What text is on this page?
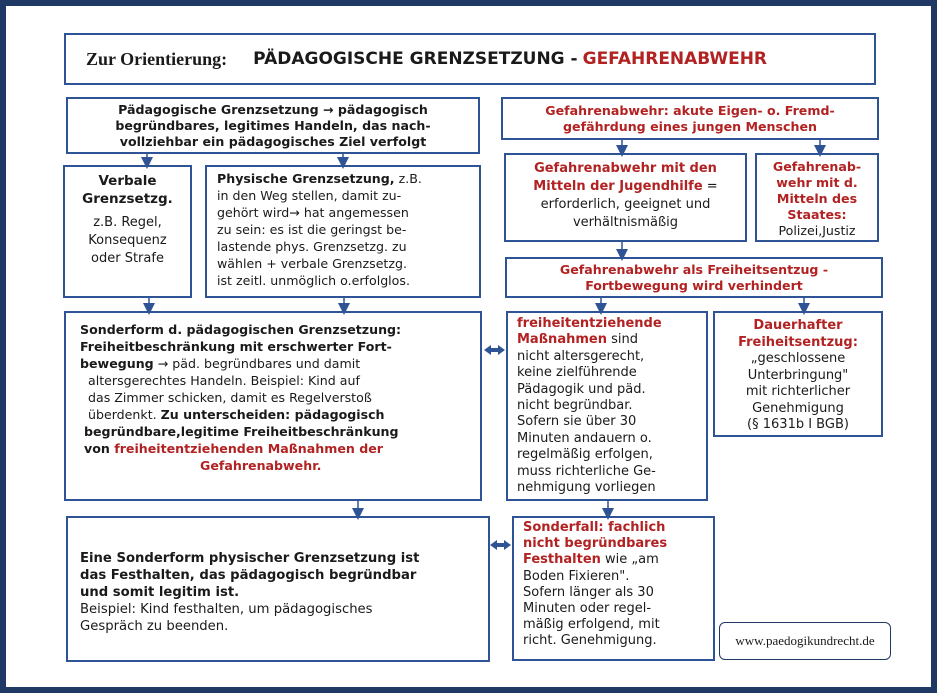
Zur Orientierung: PÄDAGOGISCHE GRENZSETZUNG - GEFAHRENABWEHR

Pädagogische Grenzsetzung → pädagogisch

begründbares, legitimes Handeln, das nach-

vollziehbar ein pädagogisches Ziel verfolgt

Verbale

Grenzsetzg.

z.B. Regel,

Konsequenz

oder Strafe

Physische Grenzsetzung, z.B.

in den Weg stellen, damit zu-

gehört wird→ hat angemessen

zu sein: es ist die geringst be-

lastende phys. Grenzsetzg. zu

wählen + verbale Grenzsetzg.

ist zeitl. unmöglich o.erfolglos.

Sonderform d. pädagogischen Grenzsetzung:

Freiheitbeschränkung mit erschwerter Fort-

bewegung → päd. begründbares und damit

altersgerechtes Handeln. Beispiel: Kind auf

das Zimmer schicken, damit es Regelverstoß

überdenkt. Zu unterscheiden: pädagogisch

begründbare,legitime Freiheitbeschränkung

von freiheitentziehenden Maßnahmen der

Gefahrenabwehr.

Eine Sonderform physischer Grenzsetzung ist

das Festhalten, das pädagogisch begründbar

und somit legitim ist.

Beispiel: Kind festhalten, um pädagogisches

Gespräch zu beenden.

Gefahrenabwehr: akute Eigen- o. Fremd-

gefährdung eines jungen Menschen

Gefahrenabwehr mit den

Mitteln der Jugendhilfe =

erforderlich, geeignet und

verhältnismäßig

Gefahrenab-

wehr mit d.

Mitteln des

Staates:

Polizei,Justiz

Gefahrenabwehr als Freiheitsentzug -

Fortbewegung wird verhindert

freiheitentziehende

Maßnahmen sind

nicht altersgerecht,

keine zielführende

Pädagogik und päd.

nicht begründbar.

Sofern sie über 30

Minuten andauern o.

regelmäßig erfolgen,

muss richterliche Ge-

nehmigung vorliegen

Dauerhafter

Freiheitsentzug:

„geschlossene

Unterbringung"

mit richterlicher

Genehmigung

(§ 1631b I BGB)

Sonderfall: fachlich

nicht begründbares

Festhalten wie „am

Boden Fixieren".

Sofern länger als 30

Minuten oder regel-

mäßig erfolgend, mit

richt. Genehmigung.	www.paedogikundrecht.de
